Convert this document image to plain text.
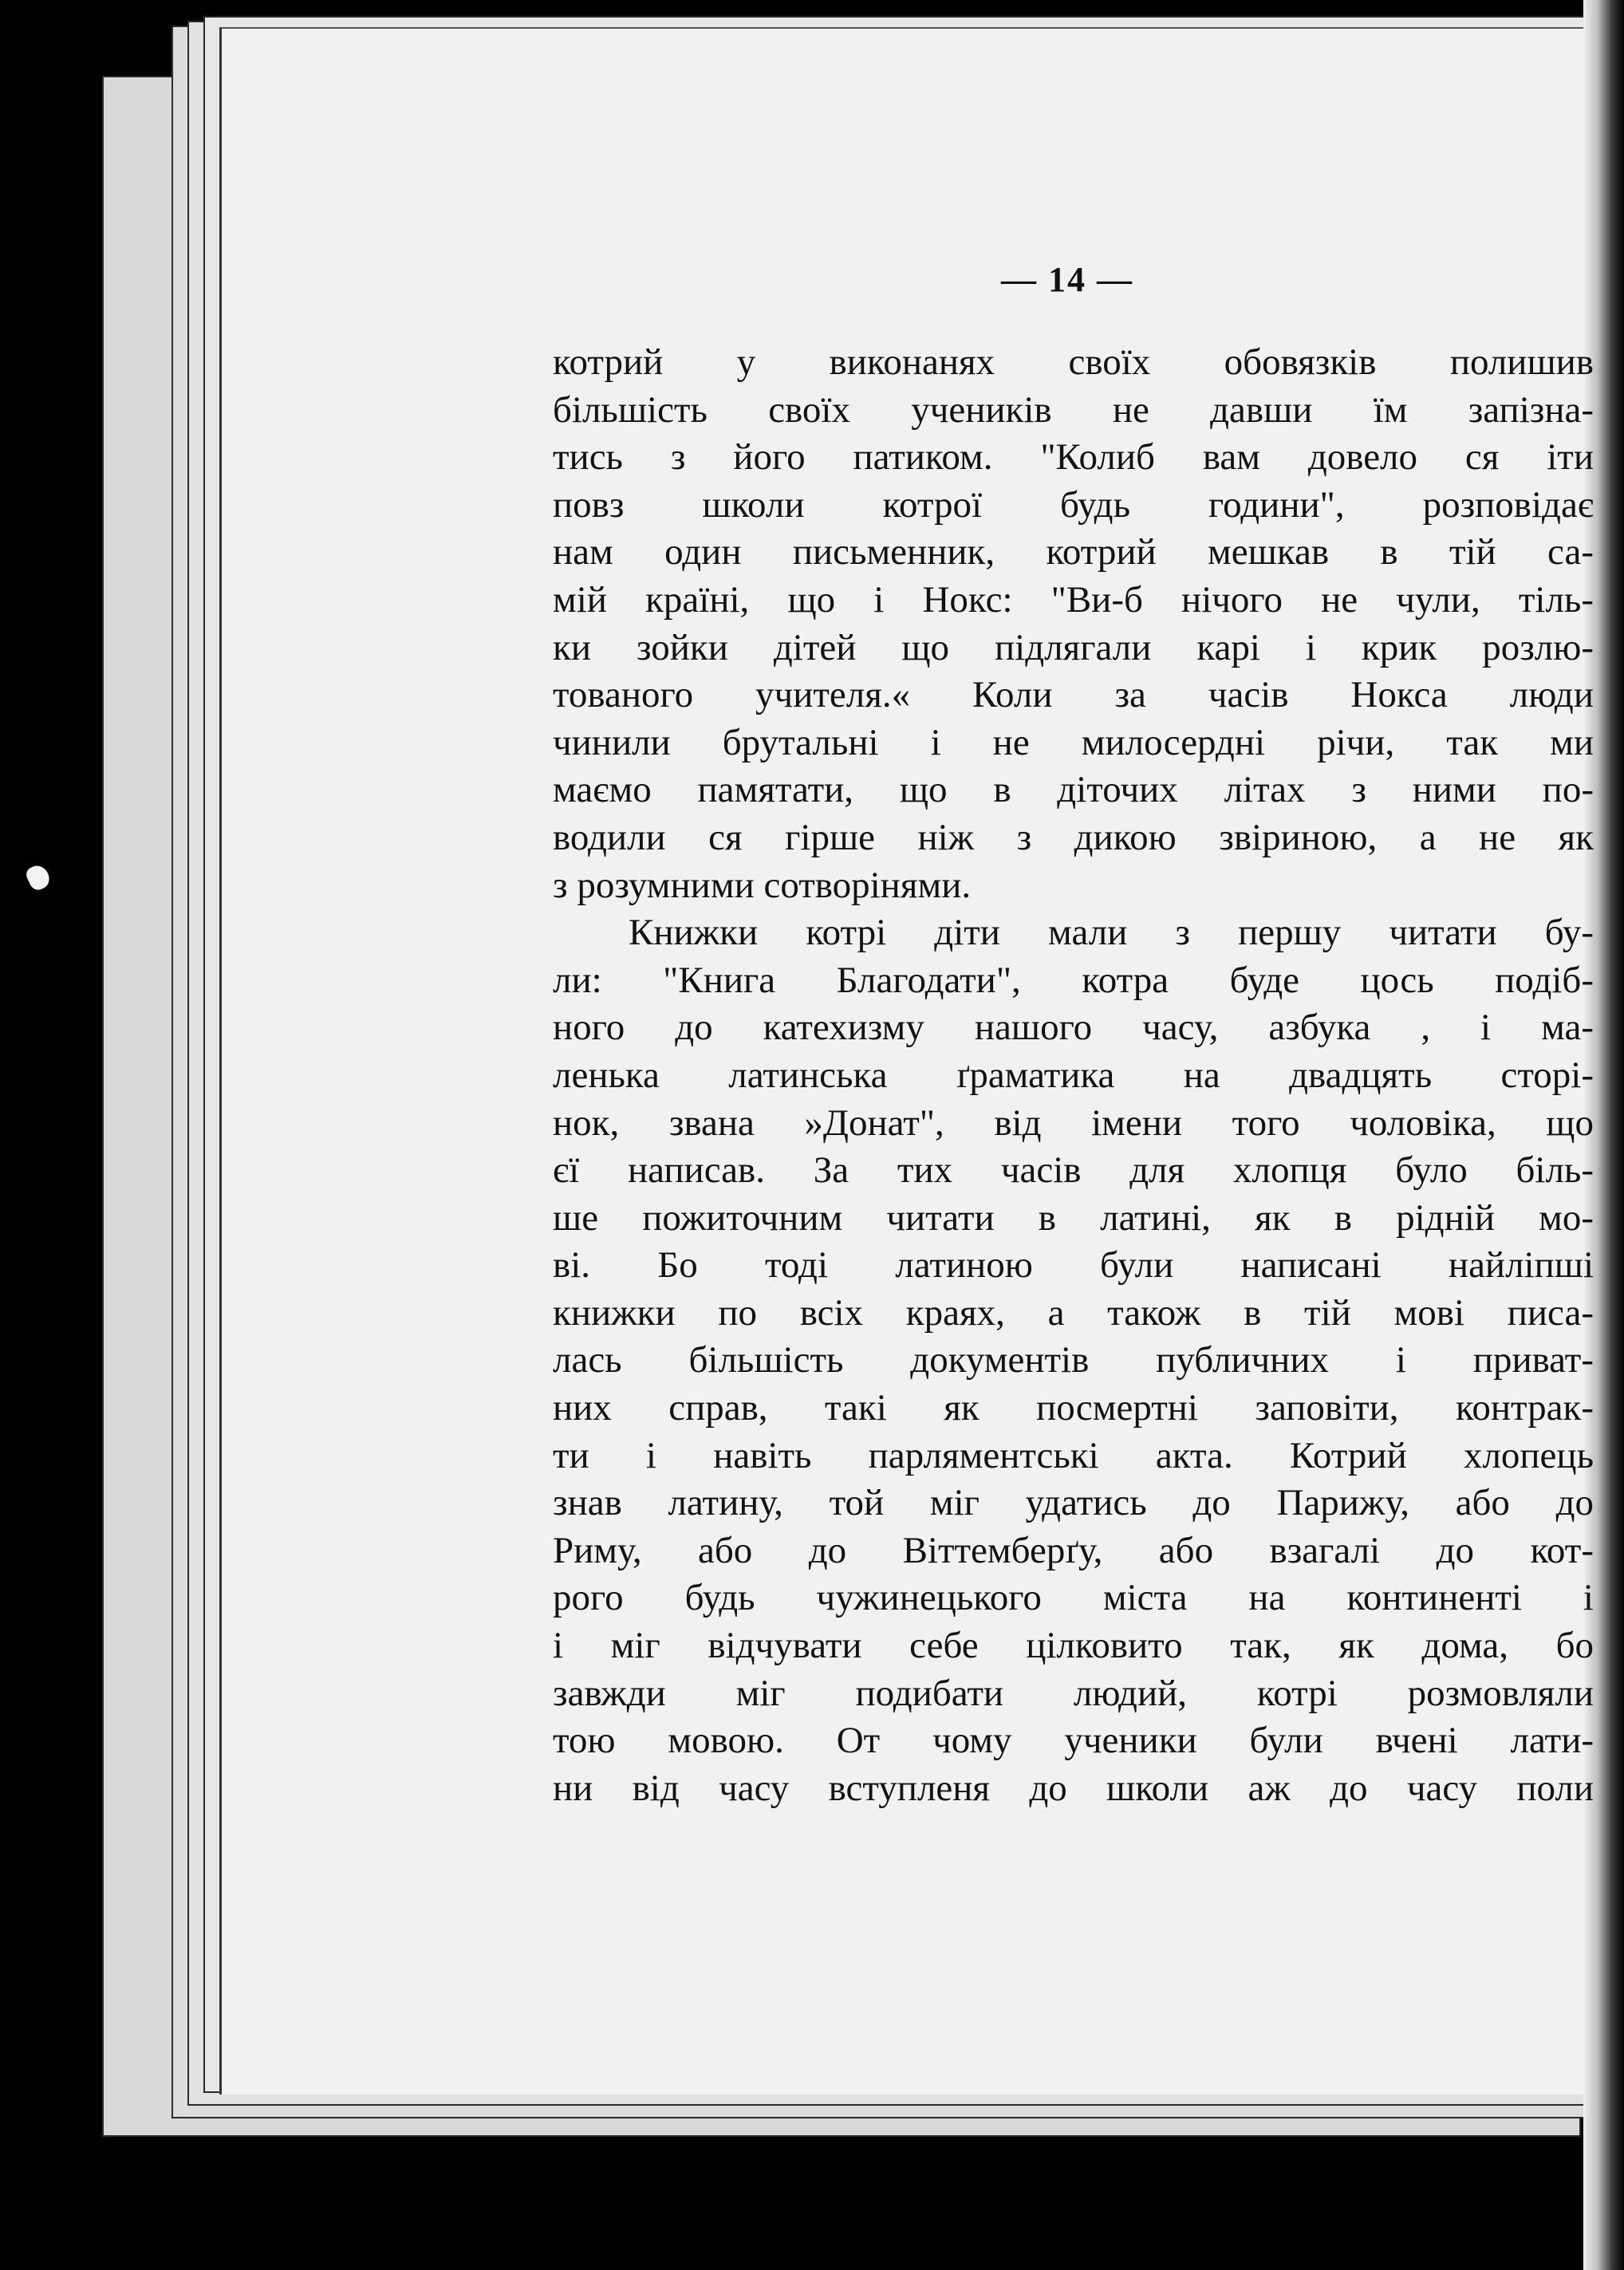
— 14 —
котрий у виконанях своїх обовязків полишив
більшість своїх учеників не давши їм запізна-
тись з його патиком. "Колиб вам довело ся іти
повз школи котрої будь години", розповідає
нам один письменник, котрий мешкав в тій са-
мій країні, що і Нокс: "Ви-б нічого не чули, тіль-
ки зойки дітей що підлягали карі і крик розлю-
тованого учителя.« Коли за часів Нокса люди
чинили брутальні і не милосердні річи, так ми
маємо памятати, що в діточих літах з ними по-
водили ся гірше ніж з дикою звіриною, а не як
з розумними сотворінями.
Книжки котрі діти мали з першу читати бу-
ли: "Книга Благодати", котра буде цось подіб-
ного до катехизму нашого часу, азбука , і ма-
ленька латинська ґраматика на двадцять сторі-
нок, звана »Донат", від імени того чоловіка, що
єї написав. За тих часів для хлопця було біль-
ше пожиточним читати в латині, як в рідній мо-
ві. Бо тоді латиною були написані найліпші
книжки по всіх краях, а також в тій мові писа-
лась більшість документів публичних і приват-
них справ, такі як посмертні заповіти, контрак-
ти і навіть парляментські акта. Котрий хлопець
знав латину, той міг удатись до Парижу, або до
Риму, або до Віттемберґу, або взагалі до кот-
рого будь чужинецького міста на континенті і
і міг відчувати себе цілковито так, як дома, бо
завжди міг подибати людий, котрі розмовляли
тою мовою. От чому ученики були вчені лати-
ни від часу вступленя до школи аж до часу поли
